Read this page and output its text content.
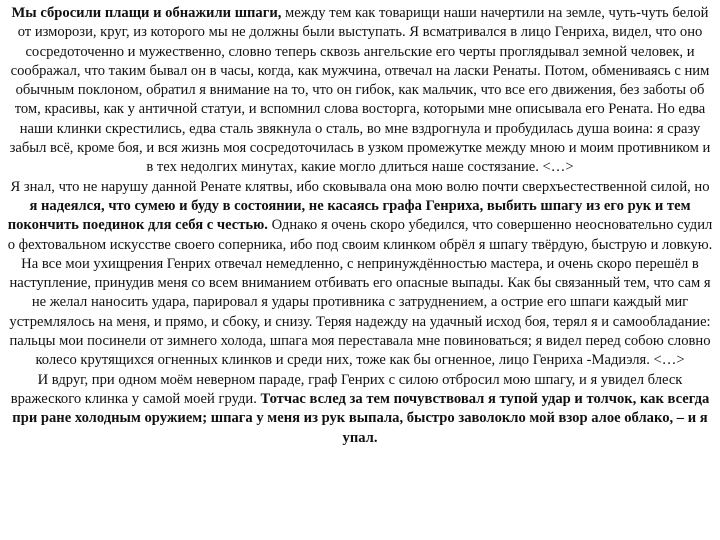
Мы сбросили плащи и обнажили шпаги, между тем как товарищи наши начертили на земле, чуть-чуть белой от изморози, круг, из которого мы не должны были выступать. Я всматривался в лицо Генриха, видел, что оно сосредоточенно и мужественно, словно теперь сквозь ангельские его черты проглядывал земной человек, и соображал, что таким бывал он в часы, когда, как мужчина, отвечал на ласки Ренаты. Потом, обмениваясь с ним обычным поклоном, обратил я внимание на то, что он гибок, как мальчик, что все его движения, без заботы об том, красивы, как у античной статуи, и вспомнил слова восторга, которыми мне описывала его Рената. Но едва наши клинки скрестились, едва сталь звякнула о сталь, во мне вздрогнула и пробудилась душа воина: я сразу забыл всё, кроме боя, и вся жизнь моя сосредоточилась в узком промежутке между мною и моим противником и в тех недолгих минутах, какие могло длиться наше состязание. <…>

Я знал, что не нарушу данной Ренате клятвы, ибо сковывала она мою волю почти сверхъестественной силой, но я надеялся, что сумею и буду в состоянии, не касаясь графа Генриха, выбить шпагу из его рук и тем покончить поединок для себя с честью. Однако я очень скоро убедился, что совершенно неосновательно судил о фехтовальном искусстве своего соперника, ибо под своим клинком обрёл я шпагу твёрдую, быструю и ловкую. На все мои ухищрения Генрих отвечал немедленно, с непринуждённостью мастера, и очень скоро перешёл в наступление, принудив меня со всем вниманием отбивать его опасные выпады. Как бы связанный тем, что сам я не желал наносить удара, парировал я удары противника с затруднением, а острие его шпаги каждый миг устремлялось на меня, и прямо, и сбоку, и снизу. Теряя надежду на удачный исход боя, терял я и самообладание: пальцы мои посинели от зимнего холода, шпага моя переставала мне повиноваться; я видел перед собою словно колесо крутящихся огненных клинков и среди них, тоже как бы огненное, лицо Генриха -Мадиэля. <…>

И вдруг, при одном моём неверном параде, граф Генрих с силою отбросил мою шпагу, и я увидел блеск вражеского клинка у самой моей груди. Тотчас вслед за тем почувствовал я тупой удар и толчок, как всегда при ране холодным оружием; шпага у меня из рук выпала, быстро заволокло мой взор алое облако, – и я упал.
